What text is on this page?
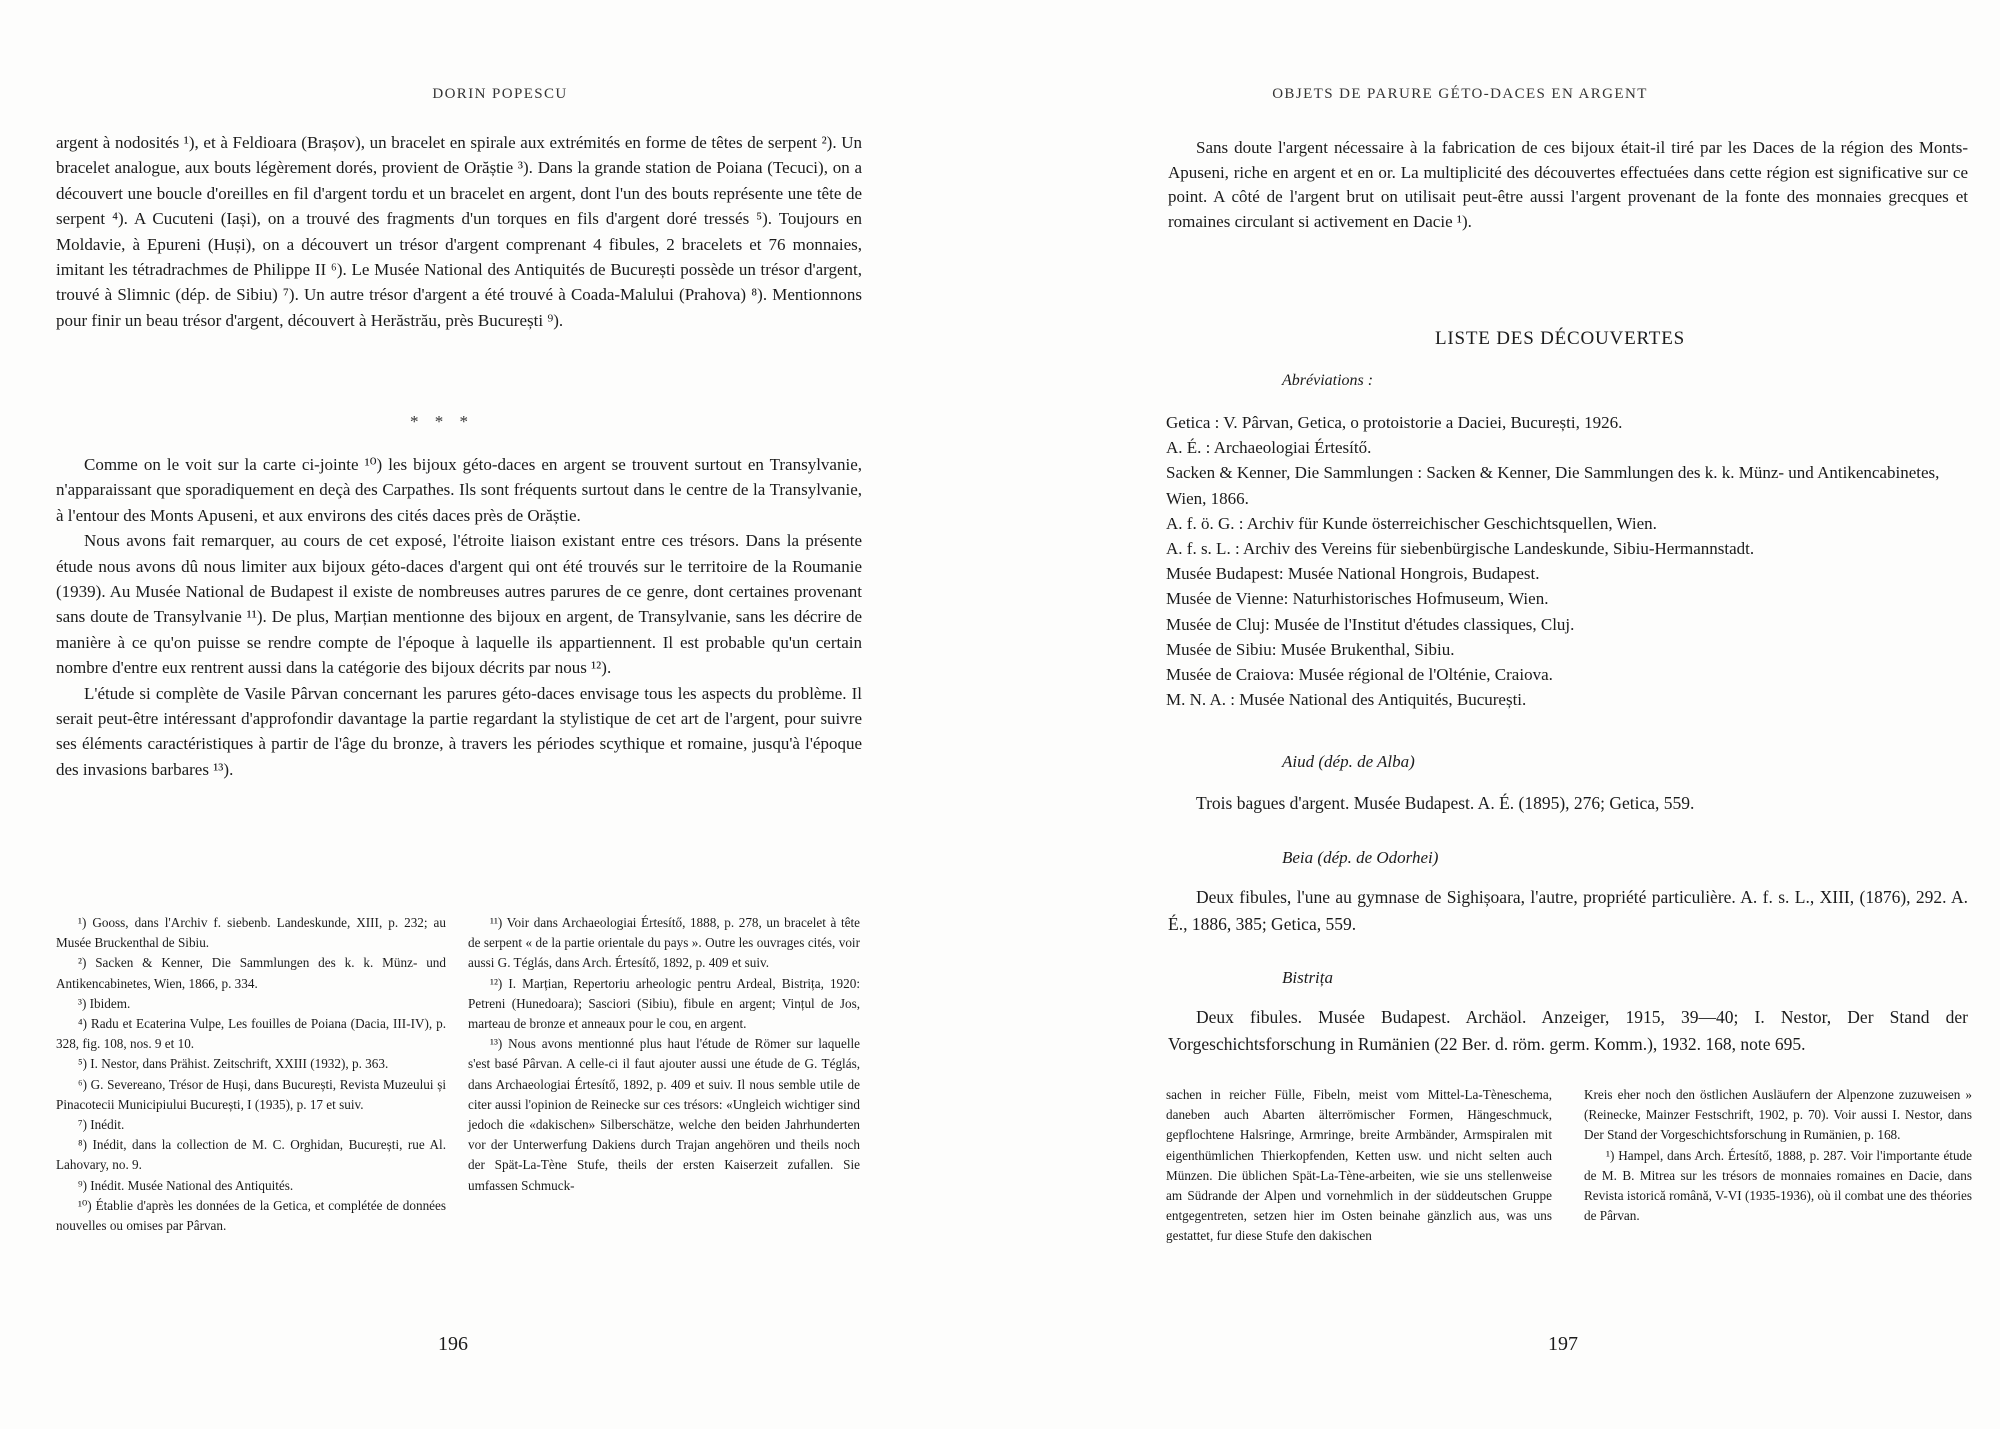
DORIN POPESCU

argent à nodosités ¹), et à Feldioara (Brașov), un bracelet en spirale aux extrémités en forme de têtes de serpent ²). Un bracelet analogue, aux bouts légèrement dorés, provient de Orăștie ³). Dans la grande station de Poiana (Tecuci), on a découvert une boucle d'oreilles en fil d'argent tordu et un bracelet en argent, dont l'un des bouts représente une tête de serpent ⁴). A Cucuteni (Iași), on a trouvé des fragments d'un torques en fils d'argent doré tressés ⁵). Toujours en Moldavie, à Epureni (Huși), on a découvert un trésor d'argent comprenant 4 fibules, 2 bracelets et 76 monnaies, imitant les tétradrachmes de Philippe II ⁶). Le Musée National des Antiquités de București possède un trésor d'argent, trouvé à Slimnic (dép. de Sibiu) ⁷). Un autre trésor d'argent a été trouvé à Coada-Malului (Prahova) ⁸). Mentionnons pour finir un beau trésor d'argent, découvert à Herăstrău, près București ⁹).

* * *

Comme on le voit sur la carte ci-jointe ¹⁰) les bijoux géto-daces en argent se trouvent surtout en Transylvanie, n'apparaissant que sporadiquement en deçà des Carpathes. Ils sont fréquents surtout dans le centre de la Transylvanie, à l'entour des Monts Apuseni, et aux environs des cités daces près de Orăștie.

Nous avons fait remarquer, au cours de cet exposé, l'étroite liaison existant entre ces trésors. Dans la présente étude nous avons dû nous limiter aux bijoux géto-daces d'argent qui ont été trouvés sur le territoire de la Roumanie (1939). Au Musée National de Budapest il existe de nombreuses autres parures de ce genre, dont certaines provenant sans doute de Transylvanie ¹¹). De plus, Marțian mentionne des bijoux en argent, de Transylvanie, sans les décrire de manière à ce qu'on puisse se rendre compte de l'époque à laquelle ils appartiennent. Il est probable qu'un certain nombre d'entre eux rentrent aussi dans la catégorie des bijoux décrits par nous ¹²).

L'étude si complète de Vasile Pârvan concernant les parures géto-daces envisage tous les aspects du problème. Il serait peut-être intéressant d'approfondir davantage la partie regardant la stylistique de cet art de l'argent, pour suivre ses éléments caractéristiques à partir de l'âge du bronze, à travers les périodes scythique et romaine, jusqu'à l'époque des invasions barbares ¹³).

¹) Gooss, dans l'Archiv f. siebenb. Landeskunde, XIII, p. 232; au Musée Bruckenthal de Sibiu.

²) Sacken & Kenner, Die Sammlungen des k. k. Münz- und Antikencabinetes, Wien, 1866, p. 334.

³) Ibidem.

⁴) Radu et Ecaterina Vulpe, Les fouilles de Poiana (Dacia, III-IV), p. 328, fig. 108, nos. 9 et 10.

⁵) I. Nestor, dans Prähist. Zeitschrift, XXIII (1932), p. 363.

⁶) G. Severeano, Trésor de Huși, dans București, Revista Muzeului și Pinacotecii Municipiului București, I (1935), p. 17 et suiv.

⁷) Inédit.

⁸) Inédit, dans la collection de M. C. Orghidan, București, rue Al. Lahovary, no. 9.

⁹) Inédit. Musée National des Antiquités.

¹⁰) Établie d'après les données de la Getica, et complétée de données nouvelles ou omises par Pârvan.

¹¹) Voir dans Archaeologiai Értesítő, 1888, p. 278, un bracelet à tête de serpent « de la partie orientale du pays ». Outre les ouvrages cités, voir aussi G. Téglás, dans Arch. Értesítő, 1892, p. 409 et suiv.

¹²) I. Marțian, Repertoriu arheologic pentru Ardeal, Bistrița, 1920: Petreni (Hunedoara); Sasciori (Sibiu), fibule en argent; Vințul de Jos, marteau de bronze et anneaux pour le cou, en argent.

¹³) Nous avons mentionné plus haut l'étude de Römer sur laquelle s'est basé Pârvan. A celle-ci il faut ajouter aussi une étude de G. Téglás, dans Archaeologiai Értesítő, 1892, p. 409 et suiv. Il nous semble utile de citer aussi l'opinion de Reinecke sur ces trésors: «Ungleich wichtiger sind jedoch die «dakischen» Silberschätze, welche den beiden Jahrhunderten vor der Unterwerfung Dakiens durch Trajan angehören und theils noch der Spät-La-Tène Stufe, theils der ersten Kaiserzeit zufallen. Sie umfassen Schmuck-

196
OBJETS DE PARURE GÉTO-DACES EN ARGENT

Sans doute l'argent nécessaire à la fabrication de ces bijoux était-il tiré par les Daces de la région des Monts-Apuseni, riche en argent et en or. La multiplicité des découvertes effectuées dans cette région est significative sur ce point. A côté de l'argent brut on utilisait peut-être aussi l'argent provenant de la fonte des monnaies grecques et romaines circulant si activement en Dacie ¹).

LISTE DES DÉCOUVERTES
Abréviations :

Getica : V. Pârvan, Getica, o protoistorie a Daciei, București, 1926.

A. É. : Archaeologiai Értesítő.

Sacken & Kenner, Die Sammlungen : Sacken & Kenner, Die Sammlungen des k. k. Münz- und Antikencabinetes, Wien, 1866.

A. f. ö. G. : Archiv für Kunde österreichischer Geschichtsquellen, Wien.

A. f. s. L. : Archiv des Vereins für siebenbürgische Landeskunde, Sibiu-Hermannstadt.

Musée Budapest: Musée National Hongrois, Budapest.

Musée de Vienne: Naturhistorisches Hofmuseum, Wien.

Musée de Cluj: Musée de l'Institut d'études classiques, Cluj.

Musée de Sibiu: Musée Brukenthal, Sibiu.

Musée de Craiova: Musée régional de l'Olténie, Craiova.

M. N. A. : Musée National des Antiquités, București.

Aiud (dép. de Alba)

Trois bagues d'argent. Musée Budapest. A. É. (1895), 276; Getica, 559.

Beia (dép. de Odorhei)

Deux fibules, l'une au gymnase de Sighișoara, l'autre, propriété particulière. A. f. s. L., XIII, (1876), 292. A. É., 1886, 385; Getica, 559.

Bistrița

Deux fibules. Musée Budapest. Archäol. Anzeiger, 1915, 39—40; I. Nestor, Der Stand der Vorgeschichtsforschung in Rumänien (22 Ber. d. röm. germ. Komm.), 1932. 168, note 695.

sachen in reicher Fülle, Fibeln, meist vom Mittel-La-Tèneschema, daneben auch Abarten älterrömischer Formen, Hängeschmuck, gepflochtene Halsringe, Armringe, breite Armbänder, Armspiralen mit eigenthümlichen Thierkopfenden, Ketten usw. und nicht selten auch Münzen. Die üblichen Spät-La-Tène-arbeiten, wie sie uns stellenweise am Südrande der Alpen und vornehmlich in der süddeutschen Gruppe entgegentreten, setzen hier im Osten beinahe gänzlich aus, was uns gestattet, fur diese Stufe den dakischen

Kreis eher noch den östlichen Ausläufern der Alpenzone zuzuweisen » (Reinecke, Mainzer Festschrift, 1902, p. 70). Voir aussi I. Nestor, dans Der Stand der Vorgeschichtsforschung in Rumänien, p. 168.

¹) Hampel, dans Arch. Értesítő, 1888, p. 287. Voir l'importante étude de M. B. Mitrea sur les trésors de monnaies romaines en Dacie, dans Revista istorică română, V-VI (1935-1936), où il combat une des théories de Pârvan.

197
